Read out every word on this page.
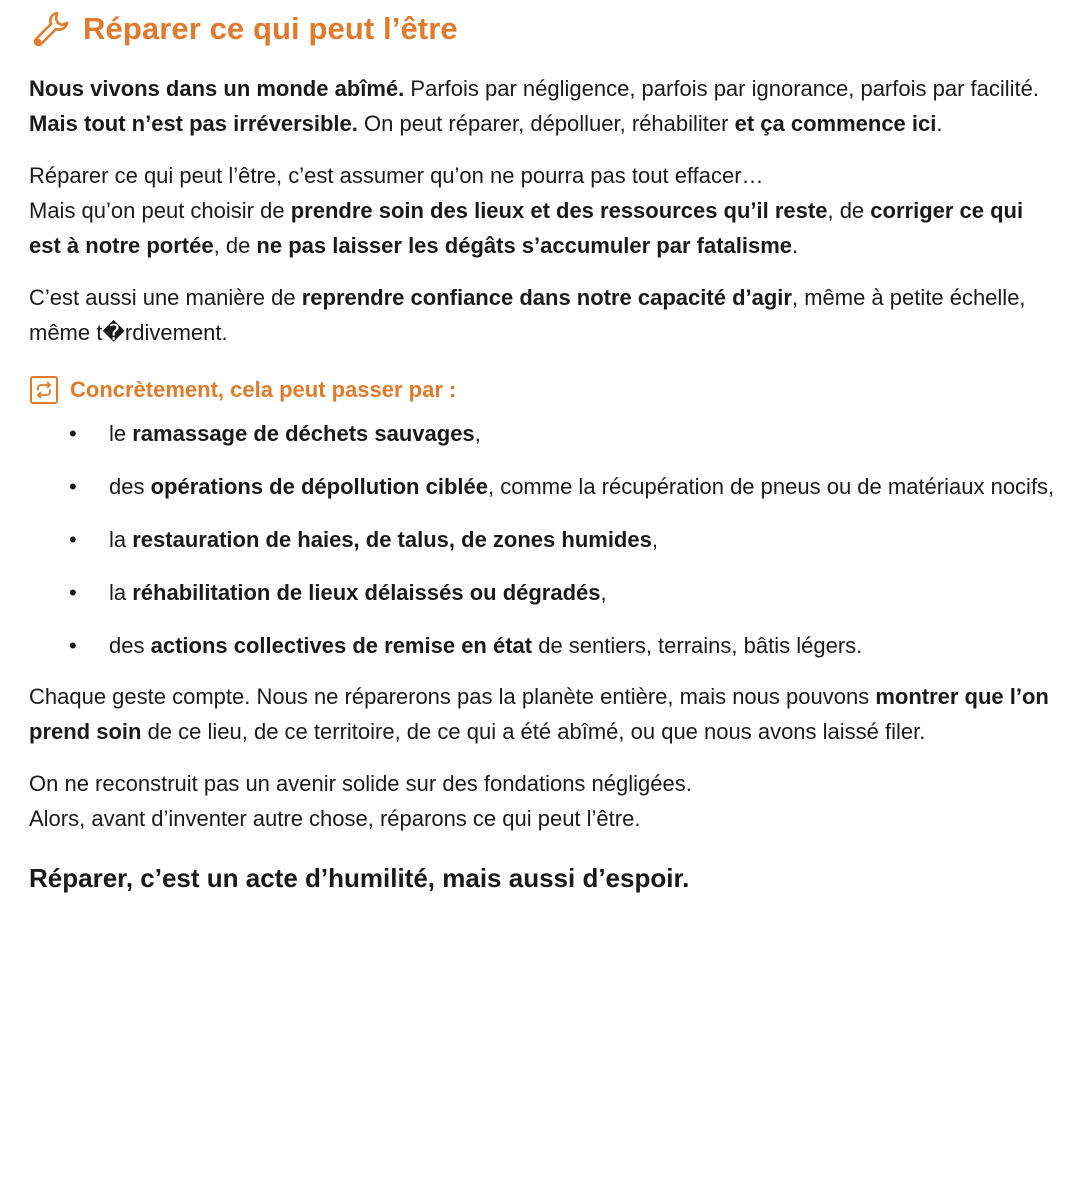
Réparer ce qui peut l’être

Nous vivons dans un monde abîmé. Parfois par négligence, parfois par ignorance, parfois par facilité.
Mais tout n’est pas irréversible. On peut réparer, dépolluer, réhabiliter et ça commence ici.

Réparer ce qui peut l’être, c’est assumer qu’on ne pourra pas tout effacer…
Mais qu’on peut choisir de prendre soin des lieux et des ressources qu’il reste, de corriger ce qui est à notre portée, de ne pas laisser les dégâts s’accumuler par fatalisme.

C’est aussi une manière de reprendre confiance dans notre capacité d’agir, même à petite échelle, même t�rdivement.

Concrètement, cela peut passer par :
• le ramassage de déchets sauvages,
• des opérations de dépollution ciblée, comme la récupération de pneus ou de matériaux nocifs,
• la restauration de haies, de talus, de zones humides,
• la réhabilitation de lieux délaissés ou dégradés,
• des actions collectives de remise en état de sentiers, terrains, bâtis légers.

Chaque geste compte. Nous ne réparerons pas la planète entière, mais nous pouvons montrer que l’on prend soin de ce lieu, de ce territoire, de ce qui a été abîmé, ou que nous avons laissé filer.

On ne reconstruit pas un avenir solide sur des fondations négligées.
Alors, avant d’inventer autre chose, réparons ce qui peut l’être.

Réparer, c’est un acte d’humilité, mais aussi d’espoir.
